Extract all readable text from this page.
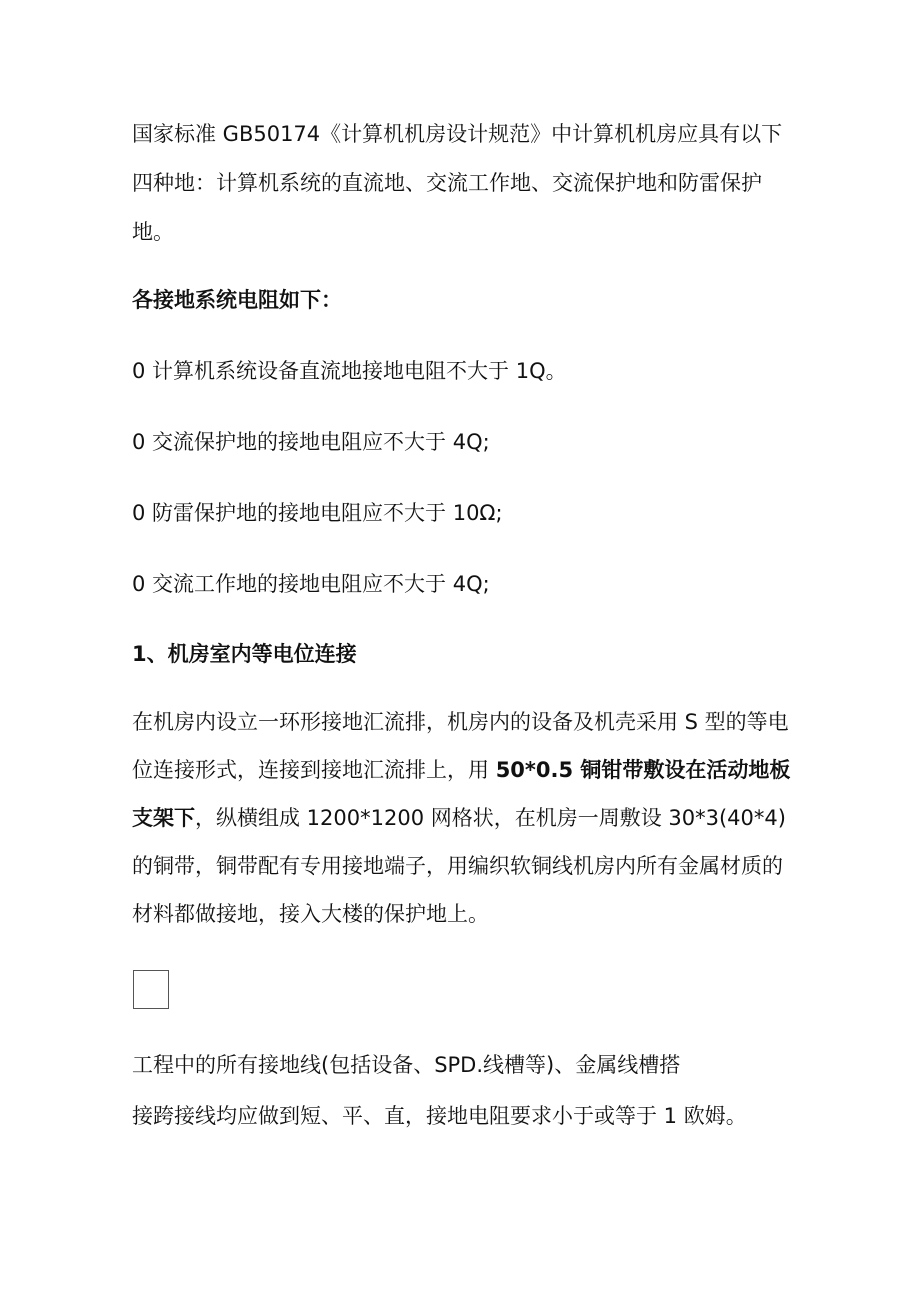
国家标准 GB50174《计算机机房设计规范》中计算机机房应具有以下四种地：计算机系统的直流地、交流工作地、交流保护地和防雷保护地。

各接地系统电阻如下：

0 计算机系统设备直流地接地电阻不大于 1Q。

0 交流保护地的接地电阻应不大于 4Q;

0 防雷保护地的接地电阻应不大于 10Ω;

0 交流工作地的接地电阻应不大于 4Q;

1、机房室内等电位连接

在机房内设立一环形接地汇流排，机房内的设备及机壳采用 S 型的等电位连接形式，连接到接地汇流排上，用 50*0.5 铜钳带敷设在活动地板支架下，纵横组成 1200*1200 网格状，在机房一周敷设 30*3(40*4)的铜带，铜带配有专用接地端子，用编织软铜线机房内所有金属材质的材料都做接地，接入大楼的保护地上。

工程中的所有接地线(包括设备、SPD.线槽等)、金属线槽搭

接跨接线均应做到短、平、直，接地电阻要求小于或等于 1 欧姆。
